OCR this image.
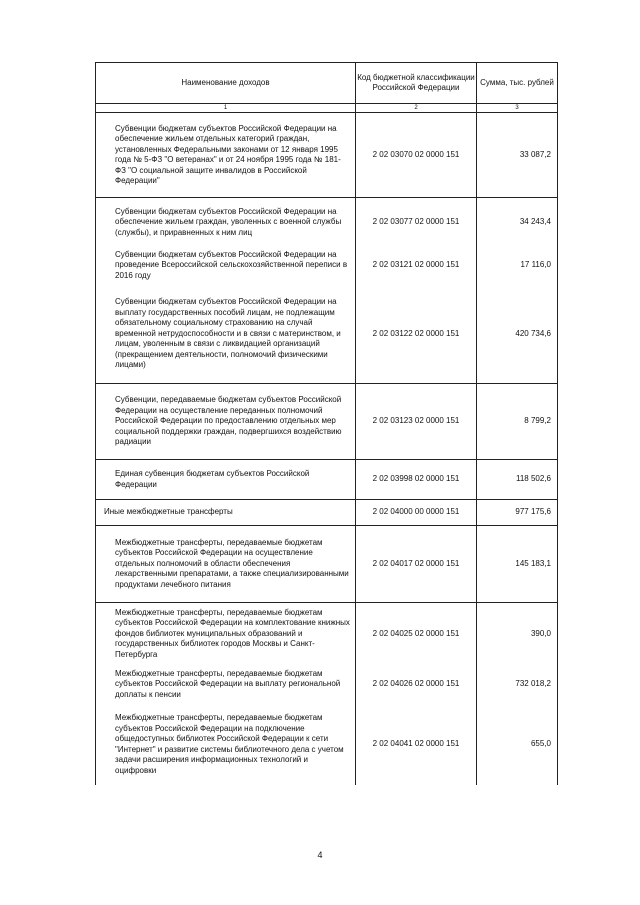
Наименование доходов	Код бюджетной классификации Российской Федерации	Сумма, тыс. рублей
1	2	3
Субвенции бюджетам субъектов Российской Федерации на обеспечение жильем отдельных категорий граждан, установленных Федеральными законами от 12 января 1995 года № 5-ФЗ "О ветеранах" и от 24 ноября 1995 года № 181-ФЗ "О социальной защите инвалидов в Российской Федерации"	2 02 03070 02 0000 151	33 087,2
Субвенции бюджетам субъектов Российской Федерации на обеспечение жильем граждан, уволенных с военной службы (службы), и приравненных к ним лиц	2 02 03077 02 0000 151	34 243,4
Субвенции бюджетам субъектов Российской Федерации на проведение Всероссийской сельскохозяйственной переписи в 2016 году	2 02 03121 02 0000 151	17 116,0
Субвенции бюджетам субъектов Российской Федерации на выплату государственных пособий лицам, не подлежащим обязательному социальному страхованию на случай временной нетрудоспособности и в связи с материнством, и лицам, уволенным в связи с ликвидацией организаций (прекращением деятельности, полномочий физическими лицами)	2 02 03122 02 0000 151	420 734,6
Субвенции, передаваемые бюджетам субъектов Российской Федерации на осуществление переданных полномочий Российской Федерации по предоставлению отдельных мер социальной поддержки граждан, подвергшихся воздействию радиации	2 02 03123 02 0000 151	8 799,2
Единая субвенция бюджетам субъектов Российской Федерации	2 02 03998 02 0000 151	118 502,6
Иные межбюджетные трансферты	2 02 04000 00 0000 151	977 175,6
Межбюджетные трансферты, передаваемые бюджетам субъектов Российской Федерации на осуществление отдельных полномочий в области обеспечения лекарственными препаратами, а также специализированными продуктами лечебного питания	2 02 04017 02 0000 151	145 183,1
Межбюджетные трансферты, передаваемые бюджетам субъектов Российской Федерации на комплектование книжных фондов библиотек муниципальных образований и государственных библиотек городов Москвы и Санкт-Петербурга	2 02 04025 02 0000 151	390,0
Межбюджетные трансферты, передаваемые бюджетам субъектов Российской Федерации на выплату региональной доплаты к пенсии	2 02 04026 02 0000 151	732 018,2
Межбюджетные трансферты, передаваемые бюджетам субъектов Российской Федерации на подключение общедоступных библиотек Российской Федерации к сети "Интернет" и развитие системы библиотечного дела с учетом задачи расширения информационных технологий и оцифровки	2 02 04041 02 0000 151	655,0
4
